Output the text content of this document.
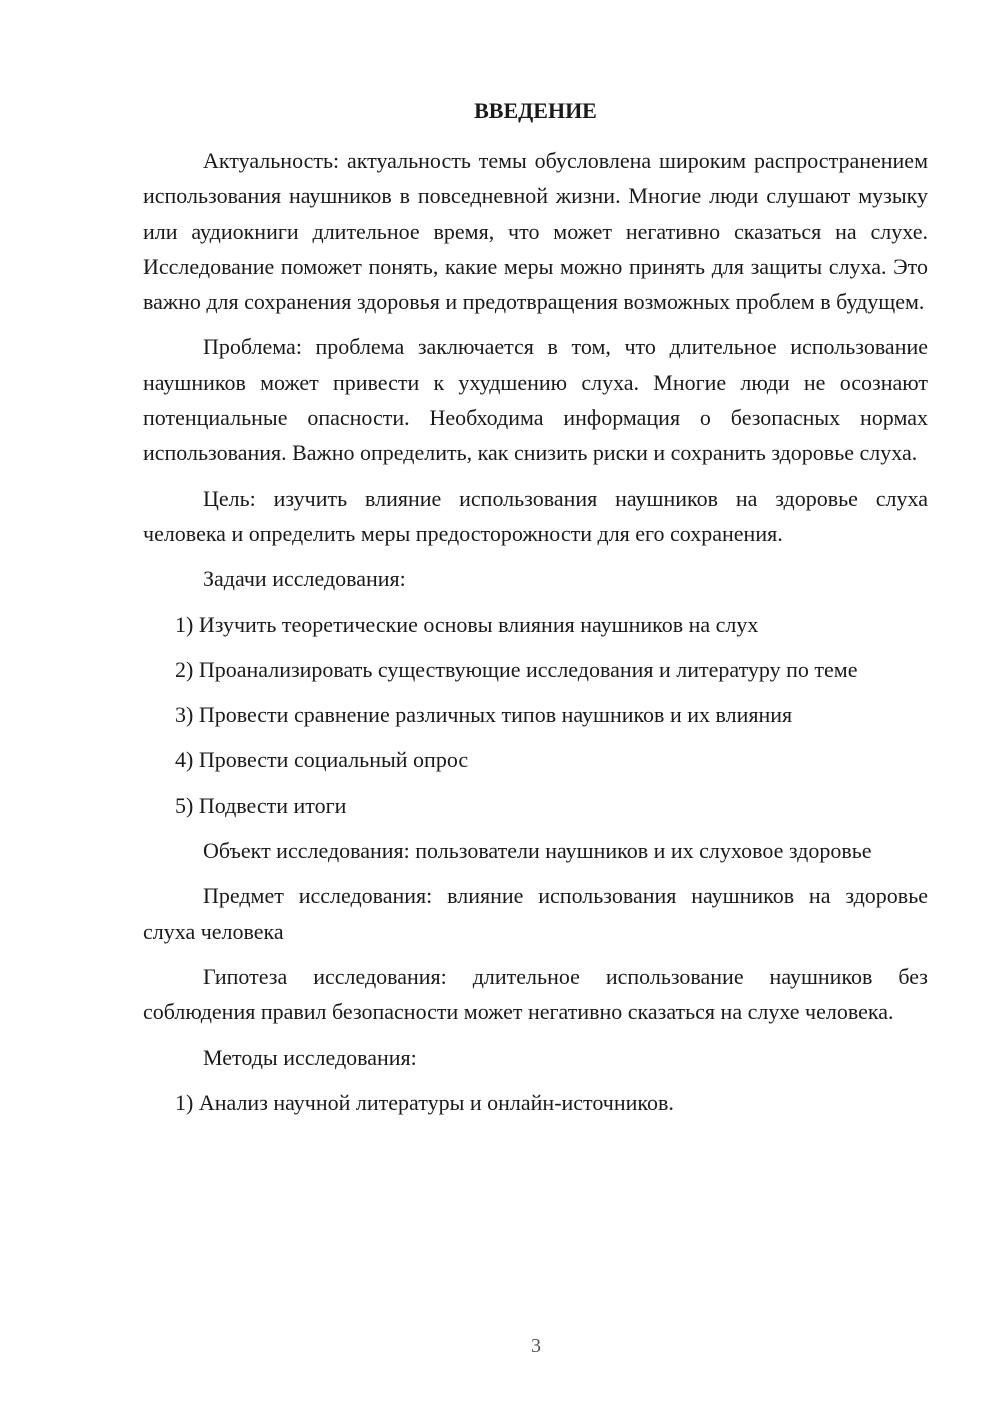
ВВЕДЕНИЕ

Актуальность: актуальность темы обусловлена широким распространением использования наушников в повседневной жизни. Многие люди слушают музыку или аудиокниги длительное время, что может негативно сказаться на слухе. Исследование поможет понять, какие меры можно принять для защиты слуха. Это важно для сохранения здоровья и предотвращения возможных проблем в будущем.

Проблема: проблема заключается в том, что длительное использование наушников может привести к ухудшению слуха. Многие люди не осознают потенциальные опасности. Необходима информация о безопасных нормах использования. Важно определить, как снизить риски и сохранить здоровье слуха.

Цель: изучить влияние использования наушников на здоровье слуха человека и определить меры предосторожности для его сохранения.

Задачи исследования:

1) Изучить теоретические основы влияния наушников на слух

2) Проанализировать существующие исследования и литературу по теме

3) Провести сравнение различных типов наушников и их влияния

4) Провести социальный опрос

5) Подвести итоги

Объект исследования: пользователи наушников и их слуховое здоровье

Предмет исследования: влияние использования наушников на здоровье слуха человека

Гипотеза исследования: длительное использование наушников без соблюдения правил безопасности может негативно сказаться на слухе человека.

Методы исследования:

1) Анализ научной литературы и онлайн-источников.

3
